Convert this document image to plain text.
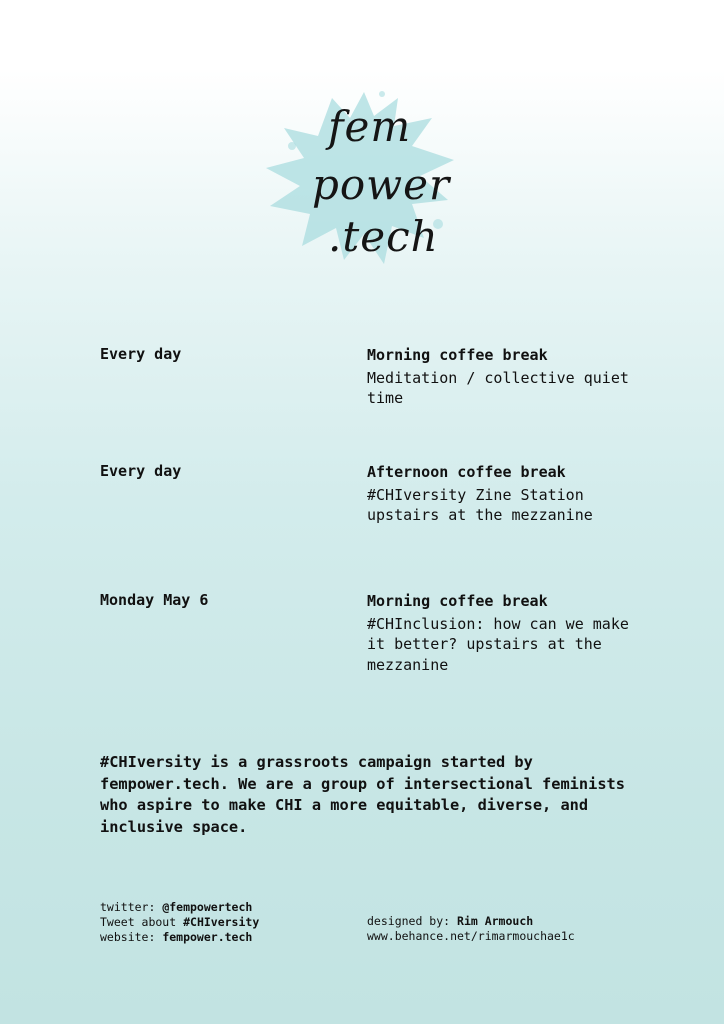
fem
power
.tech
Every day	Morning coffee break
Meditation / collective quiet time
Every day	Afternoon coffee break
#CHIversity Zine Station upstairs at the mezzanine
Monday May 6	Morning coffee break
#CHInclusion: how can we make it better? upstairs at the mezzanine
#CHIversity is a grassroots campaign started by fempower.tech. We are a group of intersectional feminists who aspire to make CHI a more equitable, diverse, and inclusive space.
twitter: @fempowertech
Tweet about #CHIversity
website: fempower.tech
designed by: Rim Armouch
www.behance.net/rimarmouchae1c
